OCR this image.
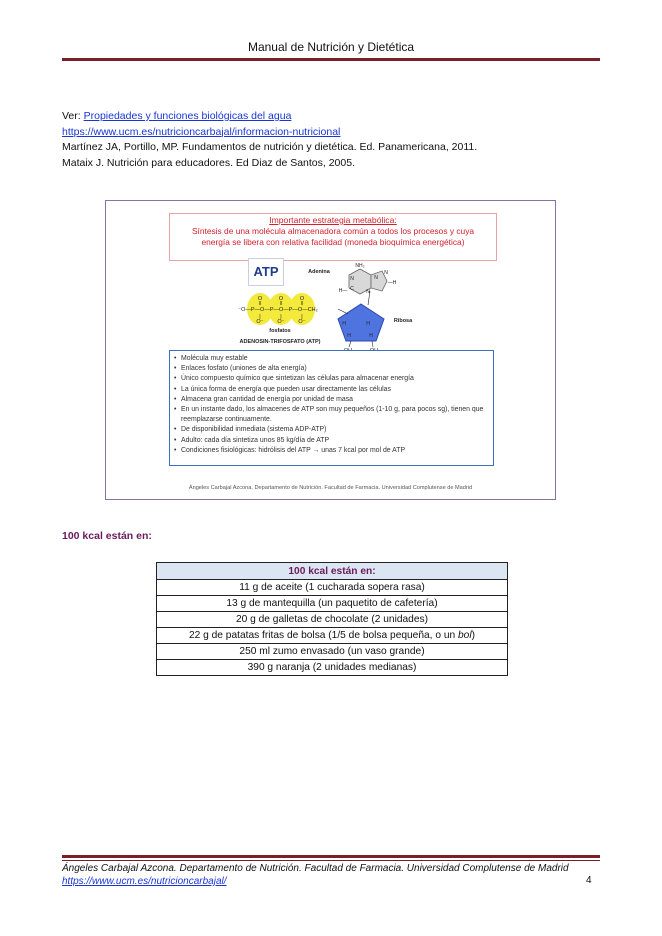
Manual de Nutrición y Dietética
Ver: Propiedades y funciones biológicas del agua
https://www.ucm.es/nutricioncarbajal/informacion-nutricional
Martínez JA, Portillo, MP. Fundamentos de nutrición y dietética. Ed. Panamericana, 2011.
Mataix J. Nutrición para educadores. Ed Diaz de Santos, 2005.
Importante estrategia metabólica:
Síntesis de una molécula almacenadora común a todos los procesos y cuya
energía se libera con relativa facilidad (moneda bioquímica energética)
ATP
O	O	O
‖	‖	‖
⁻O—P—O—P—O—P—O—CH₂
|	|	|
O⁻	O⁻	O⁻	H	H
H	H
OH	OH
NH₂
N	N
C N
H—
—H
N
Adenina
Ribosa
fosfatos
ADENOSIN-TRIFOSFATO (ATP)
• Molécula muy estable
• Enlaces fosfato (uniones de alta energía)
• Único compuesto químico que sintetizan las células para almacenar energía
• La única forma de energía que pueden usar directamente las células
• Almacena gran cantidad de energía por unidad de masa
• En un instante dado, los almacenes de ATP son muy pequeños (1-10 g, para pocos sg), tienen que reemplazarse continuamente.
• De disponibilidad inmediata (sistema ADP-ATP)
• Adulto: cada día sintetiza unos 85 kg/día de ATP
• Condiciones fisiológicas: hidrólisis del ATP → unas 7 kcal por mol de ATP
Ángeles Carbajal Azcona. Departamento de Nutrición. Facultad de Farmacia. Universidad Complutense de Madrid
100 kcal están en:
100 kcal están en:
11 g de aceite (1 cucharada sopera rasa)
13 g de mantequilla (un paquetito de cafetería)
20 g de galletas de chocolate (2 unidades)
22 g de patatas fritas de bolsa (1/5 de bolsa pequeña, o un bol)
250 ml zumo envasado (un vaso grande)
390 g naranja (2 unidades medianas)
Ángeles Carbajal Azcona. Departamento de Nutrición. Facultad de Farmacia. Universidad Complutense de Madrid
https://www.ucm.es/nutricioncarbajal/	4
